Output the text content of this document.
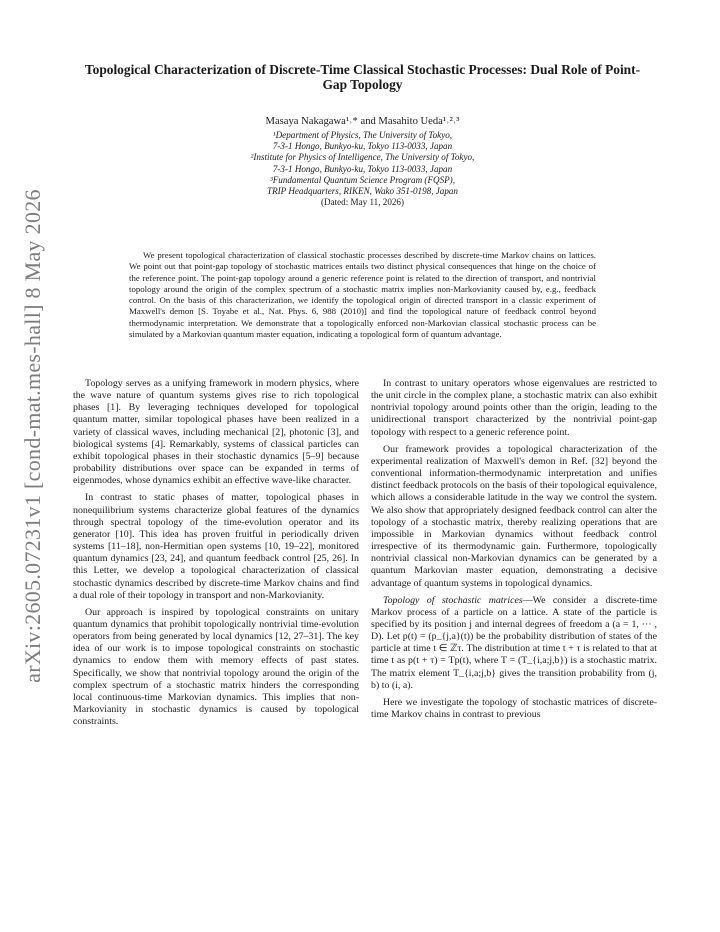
arXiv:2605.07231v1 [cond-mat.mes-hall] 8 May 2026
Topological Characterization of Discrete-Time Classical Stochastic Processes: Dual Role of Point-Gap Topology
Masaya Nakagawa¹˒* and Masahito Ueda¹˒²˒³
¹Department of Physics, The University of Tokyo,
7-3-1 Hongo, Bunkyo-ku, Tokyo 113-0033, Japan
²Institute for Physics of Intelligence, The University of Tokyo,
7-3-1 Hongo, Bunkyo-ku, Tokyo 113-0033, Japan
³Fundamental Quantum Science Program (FQSP),
TRIP Headquarters, RIKEN, Wako 351-0198, Japan
(Dated: May 11, 2026)
We present topological characterization of classical stochastic processes described by discrete-time Markov chains on lattices. We point out that point-gap topology of stochastic matrices entails two distinct physical consequences that hinge on the choice of the reference point. The point-gap topology around a generic reference point is related to the direction of transport, and nontrivial topology around the origin of the complex spectrum of a stochastic matrix implies non-Markovianity caused by, e.g., feedback control. On the basis of this characterization, we identify the topological origin of directed transport in a classic experiment of Maxwell's demon [S. Toyabe et al., Nat. Phys. 6, 988 (2010)] and find the topological nature of feedback control beyond thermodynamic interpretation. We demonstrate that a topologically enforced non-Markovian classical stochastic process can be simulated by a Markovian quantum master equation, indicating a topological form of quantum advantage.

Topology serves as a unifying framework in modern physics, where the wave nature of quantum systems gives rise to rich topological phases [1]. By leveraging techniques developed for topological quantum matter, similar topological phases have been realized in a variety of classical waves, including mechanical [2], photonic [3], and biological systems [4]. Remarkably, systems of classical particles can exhibit topological phases in their stochastic dynamics [5–9] because probability distributions over space can be expanded in terms of eigenmodes, whose dynamics exhibit an effective wave-like character.

In contrast to static phases of matter, topological phases in nonequilibrium systems characterize global features of the dynamics through spectral topology of the time-evolution operator and its generator [10]. This idea has proven fruitful in periodically driven systems [11–18], non-Hermitian open systems [10, 19–22], monitored quantum dynamics [23, 24], and quantum feedback control [25, 26]. In this Letter, we develop a topological characterization of classical stochastic dynamics described by discrete-time Markov chains and find a dual role of their topology in transport and non-Markovianity.

Our approach is inspired by topological constraints on unitary quantum dynamics that prohibit topologically nontrivial time-evolution operators from being generated by local dynamics [12, 27–31]. The key idea of our work is to impose topological constraints on stochastic dynamics to endow them with memory effects of past states. Specifically, we show that nontrivial topology around the origin of the complex spectrum of a stochastic matrix hinders the corresponding local continuous-time Markovian dynamics. This implies that non-Markovianity in stochastic dynamics is caused by topological constraints.

In contrast to unitary operators whose eigenvalues are restricted to the unit circle in the complex plane, a stochastic matrix can also exhibit nontrivial topology around points other than the origin, leading to the unidirectional transport characterized by the nontrivial point-gap topology with respect to a generic reference point.

Our framework provides a topological characterization of the experimental realization of Maxwell's demon in Ref. [32] beyond the conventional information-thermodynamic interpretation and unifies distinct feedback protocols on the basis of their topological equivalence, which allows a considerable latitude in the way we control the system. We also show that appropriately designed feedback control can alter the topology of a stochastic matrix, thereby realizing operations that are impossible in Markovian dynamics without feedback control irrespective of its thermodynamic gain. Furthermore, topologically nontrivial classical non-Markovian dynamics can be generated by a quantum Markovian master equation, demonstrating a decisive advantage of quantum systems in topological dynamics.

Topology of stochastic matrices—We consider a discrete-time Markov process of a particle on a lattice. A state of the particle is specified by its position j and internal degrees of freedom a (a = 1, ··· , D). Let p(t) = (p_{j,a}(t)) be the probability distribution of states of the particle at time t ∈ ℤτ. The distribution at time t + τ is related to that at time t as p(t + τ) = Tp(t), where T = (T_{i,a;j,b}) is a stochastic matrix. The matrix element T_{i,a;j,b} gives the transition probability from (j, b) to (i, a).

Here we investigate the topology of stochastic matrices of discrete-time Markov chains in contrast to previous
